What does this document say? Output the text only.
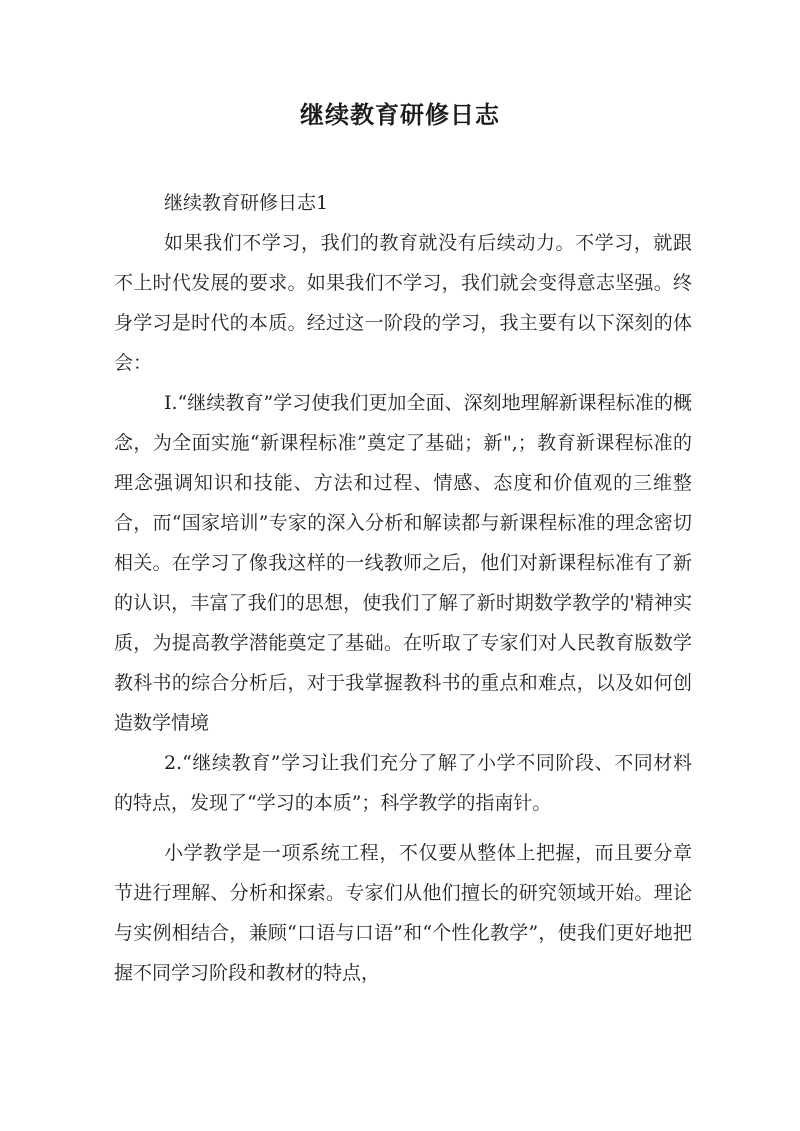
继续教育研修日志

继续教育研修日志1

如果我们不学习，我们的教育就没有后续动力。不学习，就跟不上时代发展的要求。如果我们不学习，我们就会变得意志坚强。终身学习是时代的本质。经过这一阶段的学习，我主要有以下深刻的体会：

I.“继续教育”学习使我们更加全面、深刻地理解新课程标准的概念，为全面实施“新课程标准”奠定了基础；新",；教育新课程标准的理念强调知识和技能、方法和过程、情感、态度和价值观的三维整合，而“国家培训”专家的深入分析和解读都与新课程标准的理念密切相关。在学习了像我这样的一线教师之后，他们对新课程标准有了新的认识，丰富了我们的思想，使我们了解了新时期数学教学的'精神实质，为提高教学潜能奠定了基础。在听取了专家们对人民教育版数学教科书的综合分析后，对于我掌握教科书的重点和难点，以及如何创造数学情境

2.“继续教育”学习让我们充分了解了小学不同阶段、不同材料的特点，发现了“学习的本质”；科学教学的指南针。

小学教学是一项系统工程，不仅要从整体上把握，而且要分章节进行理解、分析和探索。专家们从他们擅长的研究领域开始。理论与实例相结合，兼顾“口语与口语”和“个性化教学”，使我们更好地把握不同学习阶段和教材的特点，
